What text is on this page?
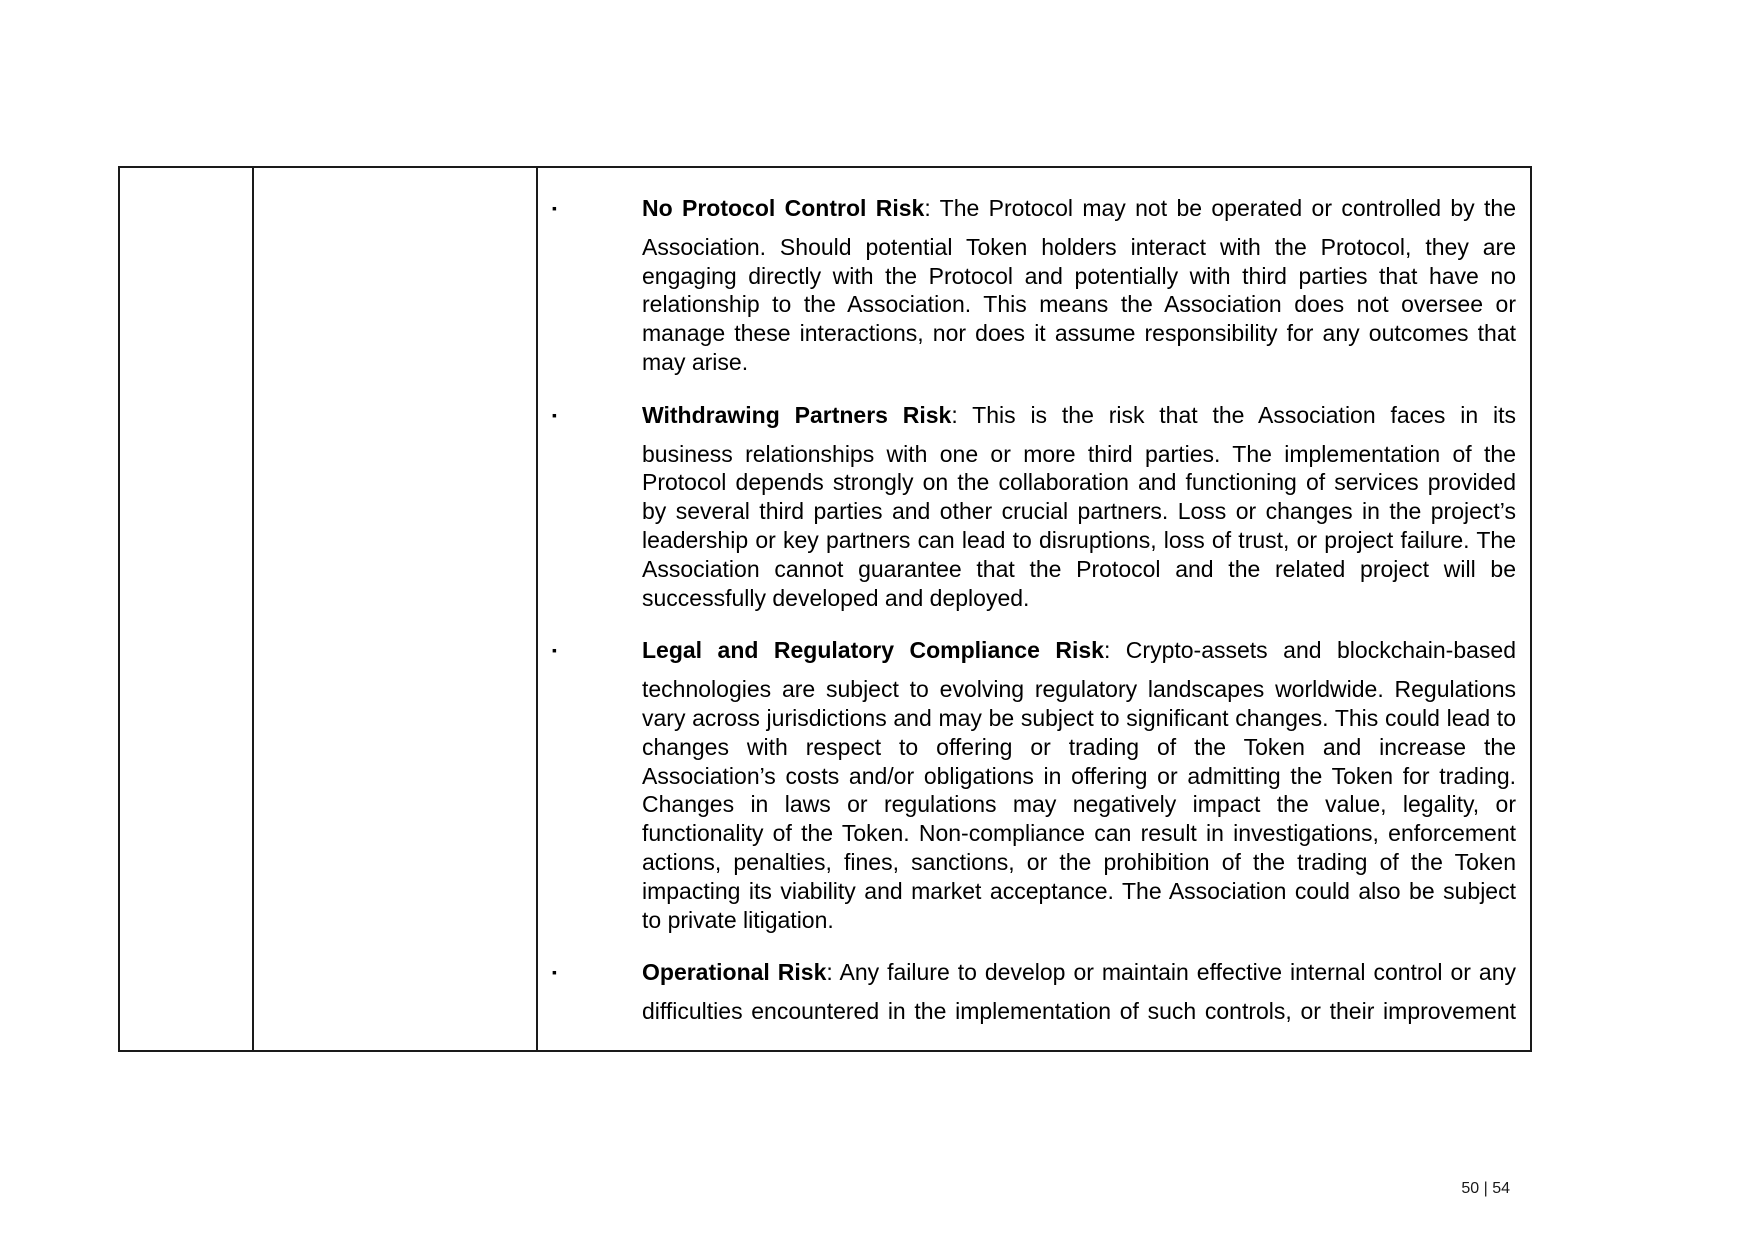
▪	No Protocol Control Risk: The Protocol may not be operated or controlled by the
Association. Should potential Token holders interact with the Protocol, they are engaging directly with the Protocol and potentially with third parties that have no relationship to the Association. This means the Association does not oversee or manage these interactions, nor does it assume responsibility for any outcomes that may arise.
▪	Withdrawing Partners Risk: This is the risk that the Association faces in its
business relationships with one or more third parties. The implementation of the Protocol depends strongly on the collaboration and functioning of services provided by several third parties and other crucial partners. Loss or changes in the project’s leadership or key partners can lead to disruptions, loss of trust, or project failure. The Association cannot guarantee that the Protocol and the related project will be successfully developed and deployed.
▪	Legal and Regulatory Compliance Risk: Crypto-assets and blockchain-based
technologies are subject to evolving regulatory landscapes worldwide. Regulations vary across jurisdictions and may be subject to significant changes. This could lead to changes with respect to offering or trading of the Token and increase the Association’s costs and/or obligations in offering or admitting the Token for trading. Changes in laws or regulations may negatively impact the value, legality, or functionality of the Token. Non-compliance can result in investigations, enforcement actions, penalties, fines, sanctions, or the prohibition of the trading of the Token impacting its viability and market acceptance. The Association could also be subject to private litigation.
▪	Operational Risk: Any failure to develop or maintain effective internal control or any
difficulties encountered in the implementation of such controls, or their improvement
50 | 54
